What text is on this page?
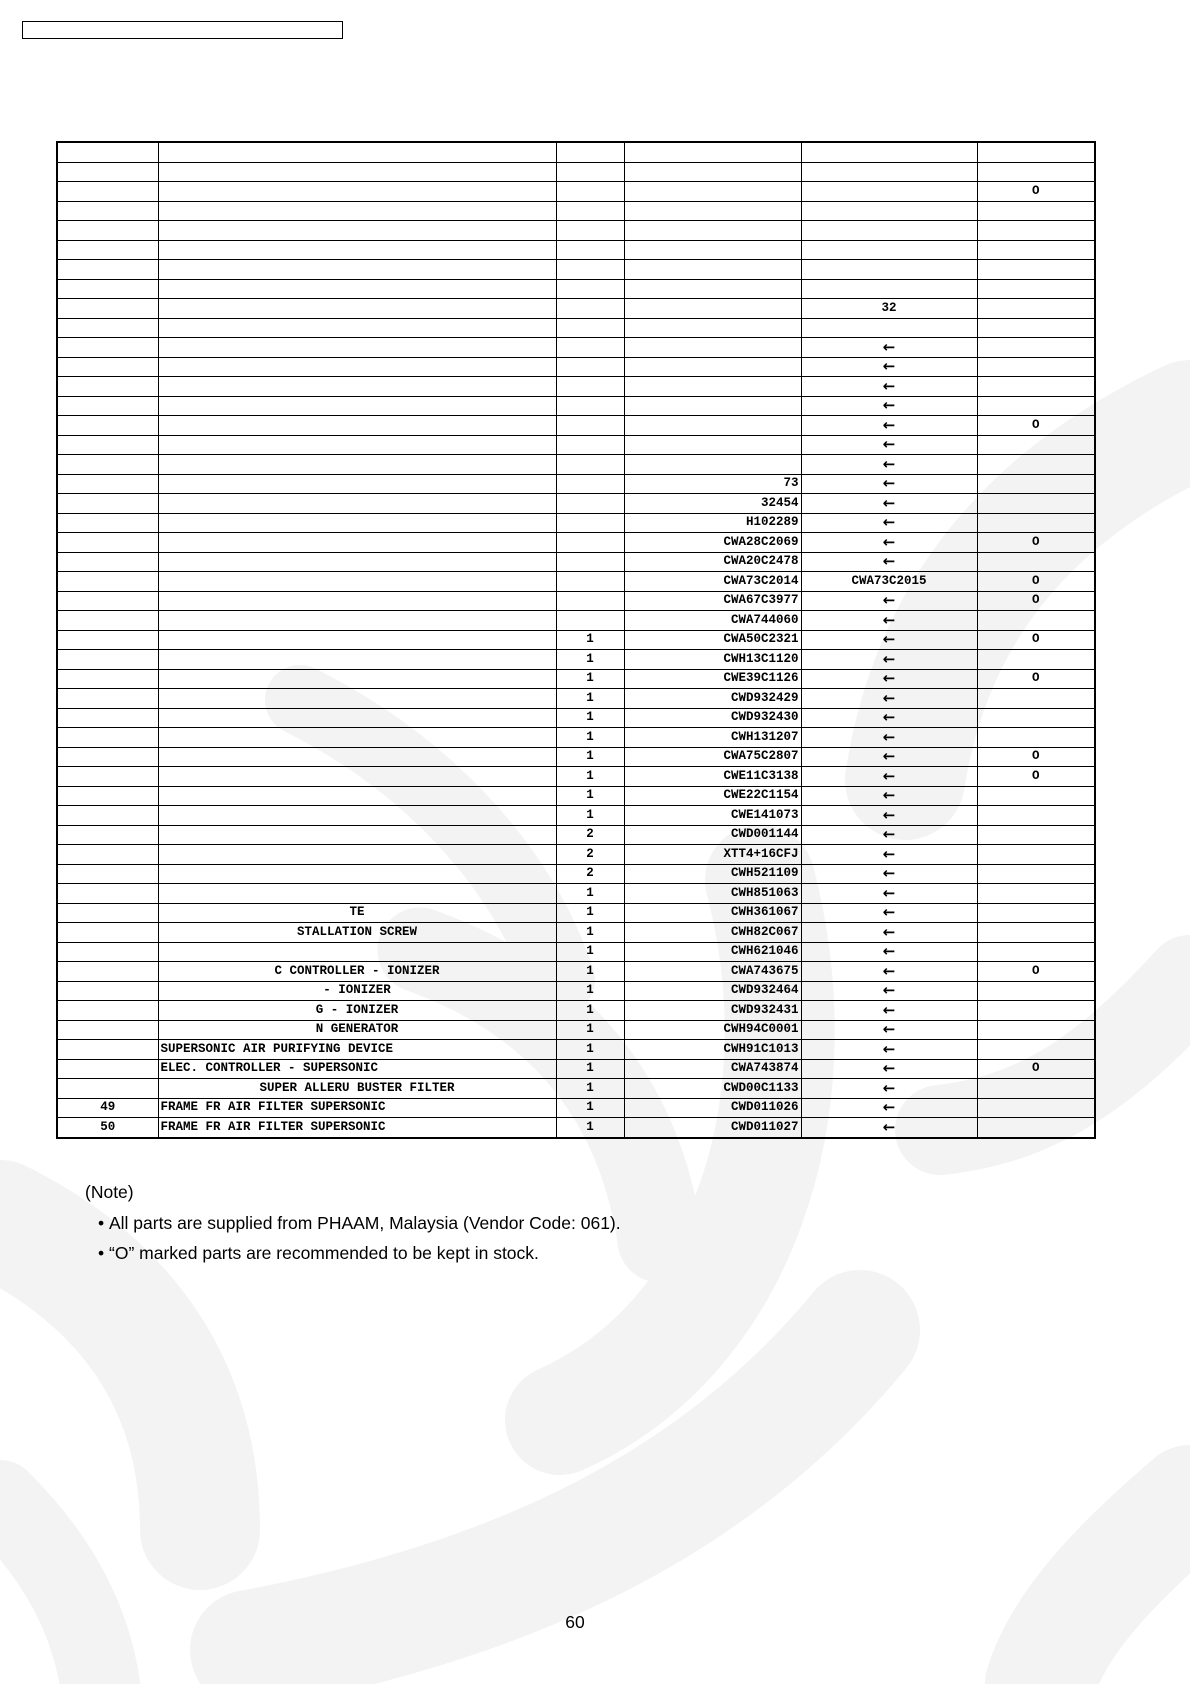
					O

				32	

				←	
				←	
				←	
				←	
				←	O
				←	
				←	
			73	←	
			32454	←	
			H102289	←	
			CWA28C2069	←	O
			CWA20C2478	←	
			CWA73C2014	CWA73C2015	O
			CWA67C3977	←	O
			CWA744060	←	
		1	CWA50C2321	←	O
		1	CWH13C1120	←	
		1	CWE39C1126	←	O
		1	CWD932429	←	
		1	CWD932430	←	
		1	CWH131207	←	
		1	CWA75C2807	←	O
		1	CWE11C3138	←	O
		1	CWE22C1154	←	
		1	CWE141073	←	
		2	CWD001144	←	
		2	XTT4+16CFJ	←	
		2	CWH521109	←	
		1	CWH851063	←	
	TE	1	CWH361067	←	
	STALLATION SCREW	1	CWH82C067	←	
		1	CWH621046	←	
	C CONTROLLER - IONIZER	1	CWA743675	←	O
	- IONIZER	1	CWD932464	←	
	G - IONIZER	1	CWD932431	←	
	N GENERATOR	1	CWH94C0001	←	
	SUPERSONIC AIR PURIFYING DEVICE	1	CWH91C1013	←	
	ELEC. CONTROLLER - SUPERSONIC	1	CWA743874	←	O
	SUPER ALLERU BUSTER FILTER	1	CWD00C1133	←	
49	FRAME FR AIR FILTER SUPERSONIC	1	CWD011026	←	
50	FRAME FR AIR FILTER SUPERSONIC	1	CWD011027	←	
(Note)
• All parts are supplied from PHAAM, Malaysia (Vendor Code: 061).
• “O” marked parts are recommended to be kept in stock.
60
